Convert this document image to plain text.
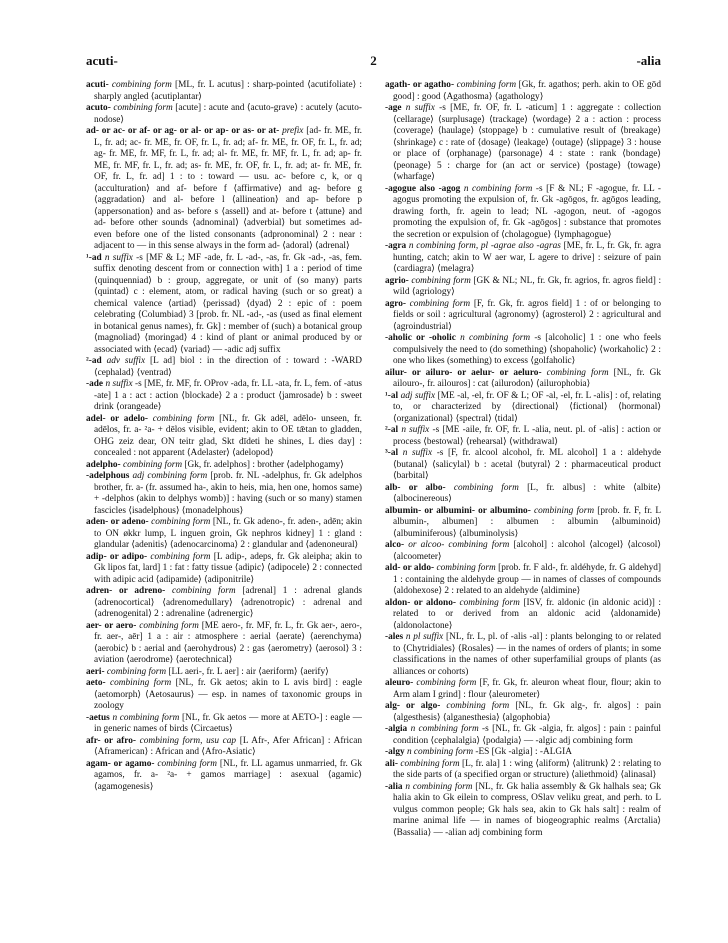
acuti-	2	-alia

acuti- combining form [ML, fr. L acutus] : sharp-pointed ⟨acutifoliate⟩ : sharply angled ⟨acutiplantar⟩

acuto- combining form [acute] : acute and ⟨acuto-grave⟩ : acutely ⟨acuto-nodose⟩

ad- or ac- or af- or ag- or al- or ap- or as- or at- prefix [ad- fr. ME, fr. L, fr. ad; ac- fr. ME, fr. OF, fr. L, fr. ad; af- fr. ME, fr. OF, fr. L, fr. ad; ag- fr. ME, fr. MF, fr. L, fr. ad; al- fr. ME, fr. MF, fr. L, fr. ad; ap- fr. ME, fr. MF, fr. L, fr. ad; as- fr. ME, fr. OF, fr. L, fr. ad; at- fr. ME, fr. OF, fr. L, fr. ad] 1 : to : toward — usu. ac- before c, k, or q ⟨acculturation⟩ and af- before f ⟨affirmative⟩ and ag- before g ⟨aggradation⟩ and al- before l ⟨allineation⟩ and ap- before p ⟨appersonation⟩ and as- before s ⟨assell⟩ and at- before t ⟨attune⟩ and ad- before other sounds ⟨adnominal⟩ ⟨adverbial⟩ but sometimes ad- even before one of the listed consonants ⟨adpronominal⟩ 2 : near : adjacent to — in this sense always in the form ad- ⟨adoral⟩ ⟨adrenal⟩

¹-ad n suffix -s [MF & L; MF -ade, fr. L -ad-, -as, fr. Gk -ad-, -as, fem. suffix denoting descent from or connection with] 1 a : period of time ⟨quinquenniad⟩ b : group, aggregate, or unit of (so many) parts ⟨quintad⟩ c : element, atom, or radical having (such or so great) a chemical valence ⟨artiad⟩ ⟨perissad⟩ ⟨dyad⟩ 2 : epic of : poem celebrating ⟨Columbiad⟩ 3 [prob. fr. NL -ad-, -as (used as final element in botanical genus names), fr. Gk] : member of (such) a botanical group ⟨magnoliad⟩ ⟨moringad⟩ 4 : kind of plant or animal produced by or associated with ⟨ecad⟩ ⟨variad⟩ — -adic adj suffix

²-ad adv suffix [L ad] biol : in the direction of : toward : -WARD ⟨cephalad⟩ ⟨ventrad⟩

-ade n suffix -s [ME, fr. MF, fr. OProv -ada, fr. LL -ata, fr. L, fem. of -atus -ate] 1 a : act : action ⟨blockade⟩ 2 a : product ⟨jamrosade⟩ b : sweet drink ⟨orangeade⟩

adel- or adelo- combining form [NL, fr. Gk adēl, adēlo- unseen, fr. adēlos, fr. a- ²a- + dēlos visible, evident; akin to OE tǣtan to gladden, OHG zeiz dear, ON teitr glad, Skt dīdeti he shines, L dies day] : concealed : not apparent ⟨Adelaster⟩ ⟨adelopod⟩

adelpho- combining form [Gk, fr. adelphos] : brother ⟨adelphogamy⟩

-adelphous adj combining form [prob. fr. NL -adelphus, fr. Gk adelphos brother, fr. a- (fr. assumed ha-, akin to heis, mia, hen one, homos same) + -delphos (akin to delphys womb)] : having (such or so many) stamen fascicles ⟨isadelphous⟩ ⟨monadelphous⟩

aden- or adeno- combining form [NL, fr. Gk adeno-, fr. aden-, adēn; akin to ON økkr lump, L inguen groin, Gk nephros kidney] 1 : gland : glandular ⟨adenitis⟩ ⟨adenocarcinoma⟩ 2 : glandular and ⟨adenoneural⟩

adip- or adipo- combining form [L adip-, adeps, fr. Gk aleipha; akin to Gk lipos fat, lard] 1 : fat : fatty tissue ⟨adipic⟩ ⟨adipocele⟩ 2 : connected with adipic acid ⟨adipamide⟩ ⟨adiponitrile⟩

adren- or adreno- combining form [adrenal] 1 : adrenal glands ⟨adrenocortical⟩ ⟨adrenomedullary⟩ ⟨adrenotropic⟩ : adrenal and ⟨adrenogenital⟩ 2 : adrenaline ⟨adrenergic⟩

aer- or aero- combining form [ME aero-, fr. MF, fr. L, fr. Gk aer-, aero-, fr. aer-, aēr] 1 a : air : atmosphere : aerial ⟨aerate⟩ ⟨aerenchyma⟩ ⟨aerobic⟩ b : aerial and ⟨aerohydrous⟩ 2 : gas ⟨aerometry⟩ ⟨aerosol⟩ 3 : aviation ⟨aerodrome⟩ ⟨aerotechnical⟩

aeri- combining form [LL aeri-, fr. L aer] : air ⟨aeriform⟩ ⟨aerify⟩

aeto- combining form [NL, fr. Gk aetos; akin to L avis bird] : eagle ⟨aetomorph⟩ ⟨Aetosaurus⟩ — esp. in names of taxonomic groups in zoology

-aetus n combining form [NL, fr. Gk aetos — more at AETO-] : eagle — in generic names of birds ⟨Circaetus⟩

afr- or afro- combining form, usu cap [L Afr-, Afer African] : African ⟨Aframerican⟩ : African and ⟨Afro-Asiatic⟩

agam- or agamo- combining form [NL, fr. LL agamus unmarried, fr. Gk agamos, fr. a- ²a- + gamos marriage] : asexual ⟨agamic⟩ ⟨agamogenesis⟩

agath- or agatho- combining form [Gk, fr. agathos; perh. akin to OE gōd good] : good ⟨Agathosma⟩ ⟨agathology⟩

-age n suffix -s [ME, fr. OF, fr. L -aticum] 1 : aggregate : collection ⟨cellarage⟩ ⟨surplusage⟩ ⟨trackage⟩ ⟨wordage⟩ 2 a : action : process ⟨coverage⟩ ⟨haulage⟩ ⟨stoppage⟩ b : cumulative result of ⟨breakage⟩ ⟨shrinkage⟩ c : rate of ⟨dosage⟩ ⟨leakage⟩ ⟨outage⟩ ⟨slippage⟩ 3 : house or place of ⟨orphanage⟩ ⟨parsonage⟩ 4 : state : rank ⟨bondage⟩ ⟨peonage⟩ 5 : charge for (an act or service) ⟨postage⟩ ⟨towage⟩ ⟨wharfage⟩

-agogue also -agog n combining form -s [F & NL; F -agogue, fr. LL -agogus promoting the expulsion of, fr. Gk -agōgos, fr. agōgos leading, drawing forth, fr. agein to lead; NL -agogon, neut. of -agogos promoting the expulsion of, fr. Gk -agōgos] : substance that promotes the secretion or expulsion of ⟨cholagogue⟩ ⟨lymphagogue⟩

-agra n combining form, pl -agrae also -agras [ME, fr. L, fr. Gk, fr. agra hunting, catch; akin to W aer war, L agere to drive] : seizure of pain ⟨cardiagra⟩ ⟨melagra⟩

agrio- combining form [GK & NL; NL, fr. Gk, fr. agrios, fr. agros field] : wild ⟨agriology⟩

agro- combining form [F, fr. Gk, fr. agros field] 1 : of or belonging to fields or soil : agricultural ⟨agronomy⟩ ⟨agrosterol⟩ 2 : agricultural and ⟨agroindustrial⟩

-aholic or -oholic n combining form -s [alcoholic] 1 : one who feels compulsively the need to (do something) ⟨shopaholic⟩ ⟨workaholic⟩ 2 : one who likes (something) to excess ⟨golfaholic⟩

ailur- or ailuro- or aelur- or aeluro- combining form [NL, fr. Gk ailouro-, fr. ailouros] : cat ⟨ailurodon⟩ ⟨ailurophobia⟩

¹-al adj suffix [ME -al, -el, fr. OF & L; OF -al, -el, fr. L -alis] : of, relating to, or characterized by ⟨directional⟩ ⟨fictional⟩ ⟨hormonal⟩ ⟨organizational⟩ ⟨spectral⟩ ⟨tidal⟩

²-al n suffix -s [ME -aile, fr. OF, fr. L -alia, neut. pl. of -alis] : action or process ⟨bestowal⟩ ⟨rehearsal⟩ ⟨withdrawal⟩

³-al n suffix -s [F, fr. alcool alcohol, fr. ML alcohol] 1 a : aldehyde ⟨butanal⟩ ⟨salicylal⟩ b : acetal ⟨butyral⟩ 2 : pharmaceutical product ⟨barbital⟩

alb- or albo- combining form [L, fr. albus] : white ⟨albite⟩ ⟨albocinereous⟩

albumin- or albumini- or albumino- combining form [prob. fr. F, fr. L albumin-, albumen] : albumen : albumin ⟨albuminoid⟩ ⟨albuminiferous⟩ ⟨albuminolysis⟩

alco- or alcoo- combining form [alcohol] : alcohol ⟨alcogel⟩ ⟨alcosol⟩ ⟨alcoometer⟩

ald- or aldo- combining form [prob. fr. F ald-, fr. aldéhyde, fr. G aldehyd] 1 : containing the aldehyde group — in names of classes of compounds ⟨aldohexose⟩ 2 : related to an aldehyde ⟨aldimine⟩

aldon- or aldono- combining form [ISV, fr. aldonic (in aldonic acid)] : related to or derived from an aldonic acid ⟨aldonamide⟩ ⟨aldonolactone⟩

-ales n pl suffix [NL, fr. L, pl. of -alis -al] : plants belonging to or related to ⟨Chytridiales⟩ ⟨Rosales⟩ — in the names of orders of plants; in some classifications in the names of other superfamilial groups of plants (as alliances or cohorts)

aleuro- combining form [F, fr. Gk, fr. aleuron wheat flour, flour; akin to Arm alam I grind] : flour ⟨aleurometer⟩

alg- or algo- combining form [NL, fr. Gk alg-, fr. algos] : pain ⟨algesthesis⟩ ⟨alganesthesia⟩ ⟨algophobia⟩

-algia n combining form -s [NL, fr. Gk -algia, fr. algos] : pain : painful condition ⟨cephalalgia⟩ ⟨podalgia⟩ — -algic adj combining form

-algy n combining form -ES [Gk -algia] : -ALGIA

ali- combining form [L, fr. ala] 1 : wing ⟨aliform⟩ ⟨alitrunk⟩ 2 : relating to the side parts of (a specified organ or structure) ⟨aliethmoid⟩ ⟨alinasal⟩

-alia n combining form [NL, fr. Gk halia assembly & Gk halhals sea; Gk halia akin to Gk eilein to compress, OSlav veliku great, and perh. to L vulgus common people; Gk hals sea, akin to Gk hals salt] : realm of marine animal life — in names of biogeographic realms ⟨Arctalia⟩ ⟨Bassalia⟩ — -alian adj combining form
